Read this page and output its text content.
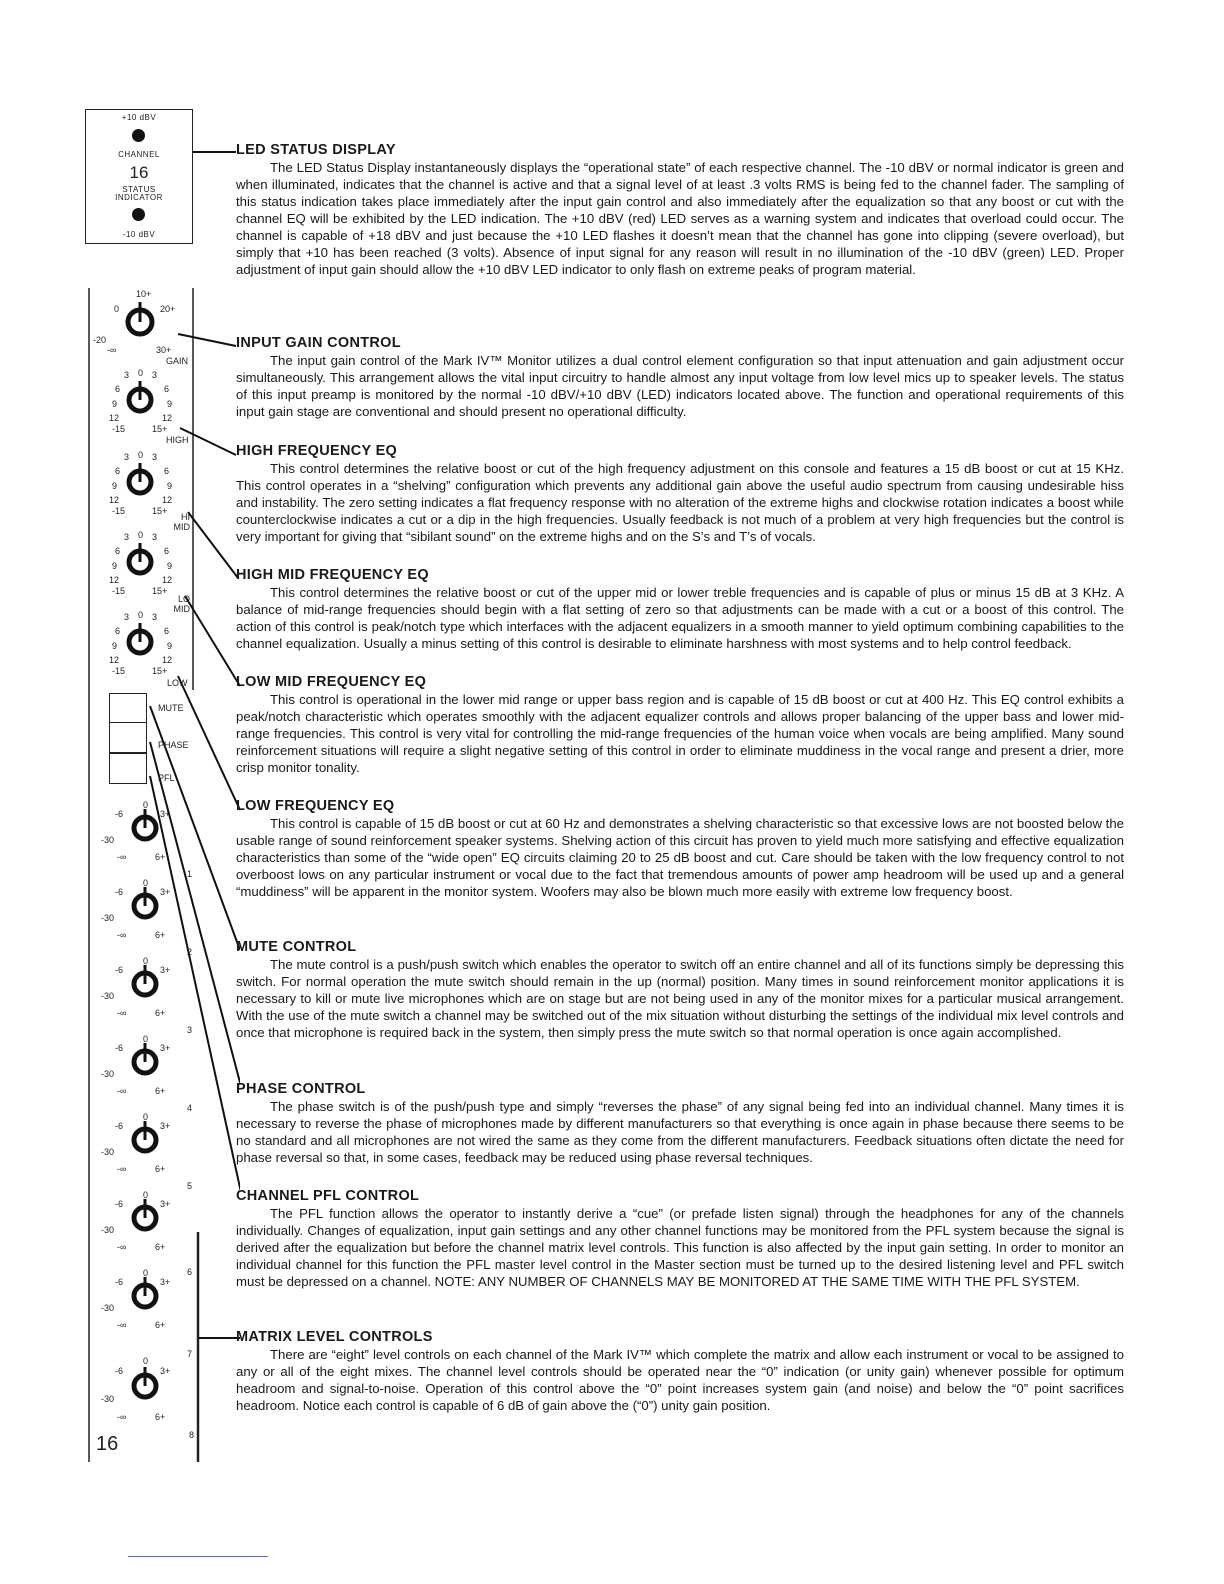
+10 dBV
CHANNEL
16
STATUS
INDICATOR
-10 dBV
10+
0	20+
-20
-∞	30+
GAIN
3 0 3
6	6
9	9
12	12
-15	15+
HIGH
3 0 3
6	6
9	9
12	12
-15	15+
HI MID
3 0 3
6	6
9	9
12	12
-15	15+
LO MID
3 0 3
6	6
9	9
12	12
-15	15+
LOW
MUTE
PHASE
PFL
0
-6	3+
-30
-∞	6+
1
0
-6	3+
-30
-∞	6+
2
0
-6	3+
-30
-∞	6+
3
0
-6	3+
-30
-∞	6+
4
0
-6	3+
-30
-∞	6+
5
0
-6	3+
-30
-∞	6+
6
0
-6	3+
-30
-∞	6+
7
0
-6	3+
-30
-∞	6+
8
16
LED STATUS DISPLAY

The LED Status Display instantaneously displays the “operational state” of each respective channel. The -10 dBV or normal indicator is green and when illuminated, indicates that the channel is active and that a signal level of at least .3 volts RMS is being fed to the channel fader. The sampling of this status indication takes place immediately after the input gain control and also immediately after the equalization so that any boost or cut with the channel EQ will be exhibited by the LED indication. The +10 dBV (red) LED serves as a warning system and indicates that overload could occur. The channel is capable of +18 dBV and just because the +10 LED flashes it doesn’t mean that the channel has gone into clipping (severe overload), but simply that +10 has been reached (3 volts). Absence of input signal for any reason will result in no illumination of the -10 dBV (green) LED. Proper adjustment of input gain should allow the +10 dBV LED indicator to only flash on extreme peaks of program material.

INPUT GAIN CONTROL

The input gain control of the Mark IV™ Monitor utilizes a dual control element configuration so that input attenuation and gain adjustment occur simultaneously. This arrangement allows the vital input circuitry to handle almost any input voltage from low level mics up to speaker levels. The status of this input preamp is monitored by the normal -10 dBV/+10 dBV (LED) indicators located above. The function and operational requirements of this input gain stage are conventional and should present no operational difficulty.

HIGH FREQUENCY EQ

This control determines the relative boost or cut of the high frequency adjustment on this console and features a 15 dB boost or cut at 15 KHz. This control operates in a “shelving” configuration which prevents any additional gain above the useful audio spectrum from causing undesirable hiss and instability. The zero setting indicates a flat frequency response with no alteration of the extreme highs and clockwise rotation indicates a boost while counterclockwise indicates a cut or a dip in the high frequencies. Usually feedback is not much of a problem at very high frequencies but the control is very important for giving that “sibilant sound” on the extreme highs and on the S’s and T’s of vocals.

HIGH MID FREQUENCY EQ

This control determines the relative boost or cut of the upper mid or lower treble frequencies and is capable of plus or minus 15 dB at 3 KHz. A balance of mid-range frequencies should begin with a flat setting of zero so that adjustments can be made with a cut or a boost of this control. The action of this control is peak/notch type which interfaces with the adjacent equalizers in a smooth manner to yield optimum combining capabilities to the channel equalization. Usually a minus setting of this control is desirable to eliminate harshness with most systems and to help control feedback.

LOW MID FREQUENCY EQ

This control is operational in the lower mid range or upper bass region and is capable of 15 dB boost or cut at 400 Hz. This EQ control exhibits a peak/notch characteristic which operates smoothly with the adjacent equalizer controls and allows proper balancing of the upper bass and lower mid-range frequencies. This control is very vital for controlling the mid-range frequencies of the human voice when vocals are being amplified. Many sound reinforcement situations will require a slight negative setting of this control in order to eliminate muddiness in the vocal range and present a drier, more crisp monitor tonality.

LOW FREQUENCY EQ

This control is capable of 15 dB boost or cut at 60 Hz and demonstrates a shelving characteristic so that excessive lows are not boosted below the usable range of sound reinforcement speaker systems. Shelving action of this circuit has proven to yield much more satisfying and effective equalization characteristics than some of the “wide open” EQ circuits claiming 20 to 25 dB boost and cut. Care should be taken with the low frequency control to not overboost lows on any particular instrument or vocal due to the fact that tremendous amounts of power amp headroom will be used up and a general “muddiness” will be apparent in the monitor system. Woofers may also be blown much more easily with extreme low frequency boost.

MUTE CONTROL

The mute control is a push/push switch which enables the operator to switch off an entire channel and all of its functions simply be depressing this switch. For normal operation the mute switch should remain in the up (normal) position. Many times in sound reinforcement monitor applications it is necessary to kill or mute live microphones which are on stage but are not being used in any of the monitor mixes for a particular musical arrangement. With the use of the mute switch a channel may be switched out of the mix situation without disturbing the settings of the individual mix level controls and once that microphone is required back in the system, then simply press the mute switch so that normal operation is once again accomplished.

PHASE CONTROL

The phase switch is of the push/push type and simply “reverses the phase” of any signal being fed into an individual channel. Many times it is necessary to reverse the phase of microphones made by different manufacturers so that everything is once again in phase because there seems to be no standard and all microphones are not wired the same as they come from the different manufacturers. Feedback situations often dictate the need for phase reversal so that, in some cases, feedback may be reduced using phase reversal techniques.

CHANNEL PFL CONTROL

The PFL function allows the operator to instantly derive a “cue” (or prefade listen signal) through the headphones for any of the channels individually. Changes of equalization, input gain settings and any other channel functions may be monitored from the PFL system because the signal is derived after the equalization but before the channel matrix level controls. This function is also affected by the input gain setting. In order to monitor an individual channel for this function the PFL master level control in the Master section must be turned up to the desired listening level and PFL switch must be depressed on a channel. NOTE: ANY NUMBER OF CHANNELS MAY BE MONITORED AT THE SAME TIME WITH THE PFL SYSTEM.

MATRIX LEVEL CONTROLS

There are “eight” level controls on each channel of the Mark IV™ which complete the matrix and allow each instrument or vocal to be assigned to any or all of the eight mixes. The channel level controls should be operated near the “0” indication (or unity gain) whenever possible for optimum headroom and signal-to-noise. Operation of this control above the “0” point increases system gain (and noise) and below the “0” point sacrifices headroom. Notice each control is capable of 6 dB of gain above the (“0”) unity gain position.
